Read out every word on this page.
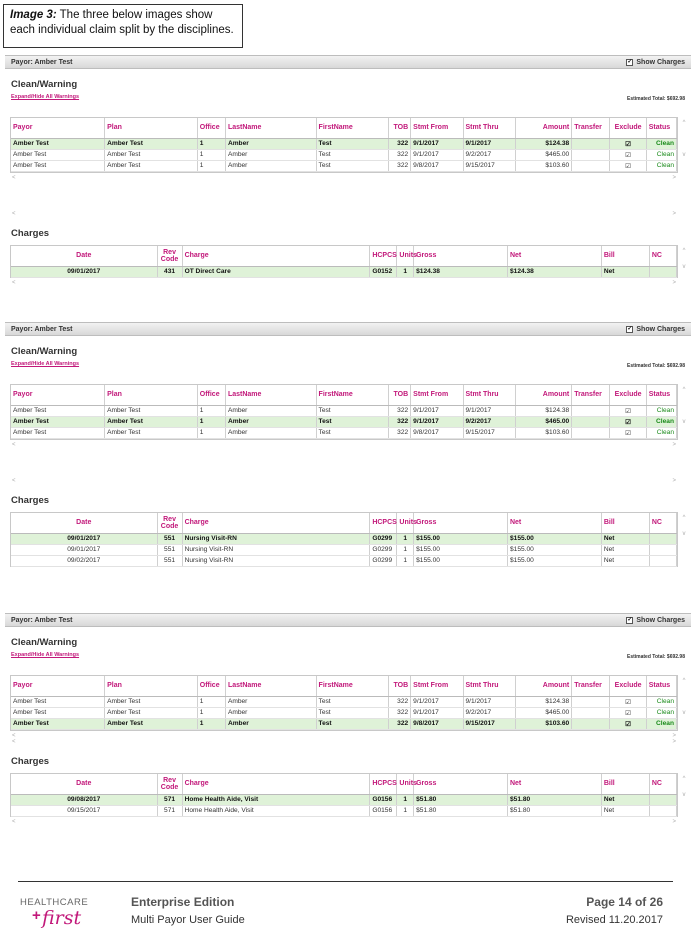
Image 3: The three below images show each individual claim split by the disciplines.
Payor: Amber Test	✓ Show Charges
Clean/Warning
Expand/Hide All Warnings	Estimated Total: $692.98
Payor	Plan	Office	LastName	FirstName	TOB	Stmt From	Stmt Thru	Amount	Transfer	Exclude	Status
Amber Test	Amber Test	1	Amber	Test	322	9/1/2017	9/1/2017	$124.38		☑	Clean
Amber Test	Amber Test	1	Amber	Test	322	9/1/2017	9/2/2017	$465.00		☑	Clean
Amber Test	Amber Test	1	Amber	Test	322	9/8/2017	9/15/2017	$103.60		☑	Clean
^

v
<	>
<	>
Charges
Date	Rev Code	Charge	HCPCS	Units	Gross	Net	Bill	NC
09/01/2017	431	OT Direct Care	G0152	1	$124.38	$124.38	Net	
^

v
<	>
Payor: Amber Test	✓ Show Charges
Clean/Warning
Expand/Hide All Warnings	Estimated Total: $692.98
Payor	Plan	Office	LastName	FirstName	TOB	Stmt From	Stmt Thru	Amount	Transfer	Exclude	Status
Amber Test	Amber Test	1	Amber	Test	322	9/1/2017	9/1/2017	$124.38		☑	Clean
Amber Test	Amber Test	1	Amber	Test	322	9/1/2017	9/2/2017	$465.00		☑	Clean
Amber Test	Amber Test	1	Amber	Test	322	9/8/2017	9/15/2017	$103.60		☑	Clean
^

v
<	>
<	>
Charges
Date	Rev Code	Charge	HCPCS	Units	Gross	Net	Bill	NC
09/01/2017	551	Nursing Visit-RN	G0299	1	$155.00	$155.00	Net	
09/01/2017	551	Nursing Visit-RN	G0299	1	$155.00	$155.00	Net	
09/02/2017	551	Nursing Visit-RN	G0299	1	$155.00	$155.00	Net	
^

v
Payor: Amber Test	✓ Show Charges
Clean/Warning
Expand/Hide All Warnings	Estimated Total: $692.98
Payor	Plan	Office	LastName	FirstName	TOB	Stmt From	Stmt Thru	Amount	Transfer	Exclude	Status
Amber Test	Amber Test	1	Amber	Test	322	9/1/2017	9/1/2017	$124.38		☑	Clean
Amber Test	Amber Test	1	Amber	Test	322	9/1/2017	9/2/2017	$465.00		☑	Clean
Amber Test	Amber Test	1	Amber	Test	322	9/8/2017	9/15/2017	$103.60		☑	Clean
^

v
<	>
<	>
Charges
Date	Rev Code	Charge	HCPCS	Units	Gross	Net	Bill	NC
09/08/2017	571	Home Health Aide, Visit	G0156	1	$51.80	$51.80	Net	
09/15/2017	571	Home Health Aide, Visit	G0156	1	$51.80	$51.80	Net	
^

v
<	>
HEALTHCARE
+ first
Enterprise Edition
Multi Payor User Guide
Page 14 of 26
Revised 11.20.2017
